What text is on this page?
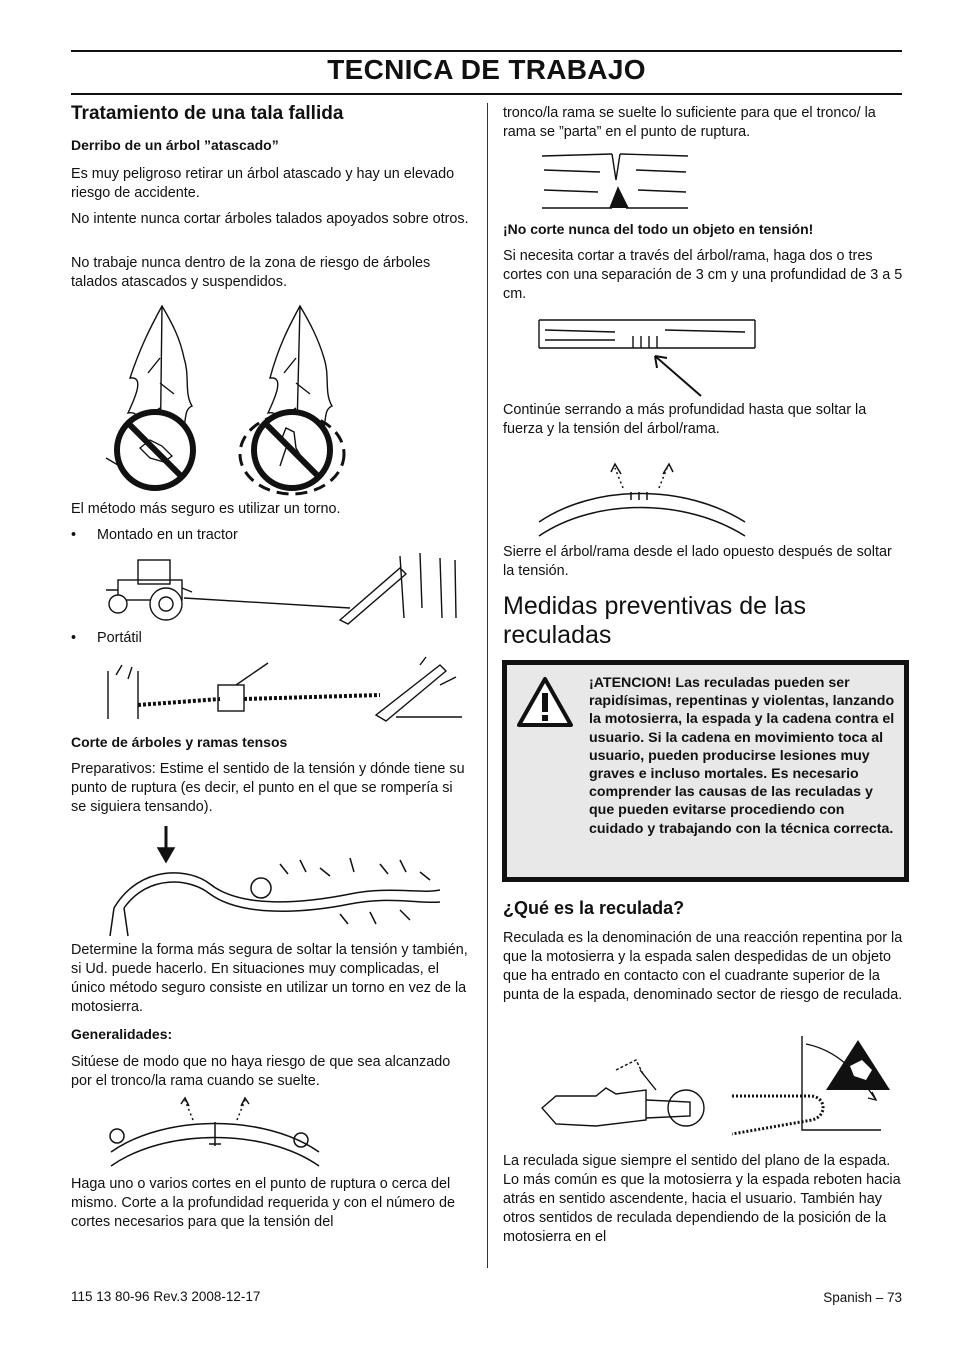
TECNICA DE TRABAJO
Tratamiento de una tala fallida
Derribo de un árbol ”atascado”
Es muy peligroso retirar un árbol atascado y hay un elevado riesgo de accidente.
No intente nunca cortar árboles talados apoyados sobre otros.
No trabaje nunca dentro de la zona de riesgo de árboles talados atascados y suspendidos.
El método más seguro es utilizar un torno.
• Montado en un tractor
• Portátil
Corte de árboles y ramas tensos
Preparativos: Estime el sentido de la tensión y dónde tiene su punto de ruptura (es decir, el punto en el que se rompería si se siguiera tensando).
Determine la forma más segura de soltar la tensión y también, si Ud. puede hacerlo. En situaciones muy complicadas, el único método seguro consiste en utilizar un torno en vez de la motosierra.
Generalidades:
Sitúese de modo que no haya riesgo de que sea alcanzado por el tronco/la rama cuando se suelte.
Haga uno o varios cortes en el punto de ruptura o cerca del mismo. Corte a la profundidad requerida y con el número de cortes necesarios para que la tensión del
tronco/la rama se suelte lo suficiente para que el tronco/ la rama se ”parta” en el punto de ruptura.
¡No corte nunca del todo un objeto en tensión!
Si necesita cortar a través del árbol/rama, haga dos o tres cortes con una separación de 3 cm y una profundidad de 3 a 5 cm.
Continúe serrando a más profundidad hasta que soltar la fuerza y la tensión del árbol/rama.
Sierre el árbol/rama desde el lado opuesto después de soltar la tensión.
Medidas preventivas de las reculadas
¡ATENCION! Las reculadas pueden ser rapidísimas, repentinas y violentas, lanzando la motosierra, la espada y la cadena contra el usuario. Si la cadena en movimiento toca al usuario, pueden producirse lesiones muy graves e incluso mortales. Es necesario comprender las causas de las reculadas y que pueden evitarse procediendo con cuidado y trabajando con la técnica correcta.
¿Qué es la reculada?
Reculada es la denominación de una reacción repentina por la que la motosierra y la espada salen despedidas de un objeto que ha entrado en contacto con el cuadrante superior de la punta de la espada, denominado sector de riesgo de reculada.
La reculada sigue siempre el sentido del plano de la espada. Lo más común es que la motosierra y la espada reboten hacia atrás en sentido ascendente, hacia el usuario. También hay otros sentidos de reculada dependiendo de la posición de la motosierra en el
115 13 80-96 Rev.3 2008-12-17	Spanish – 73
